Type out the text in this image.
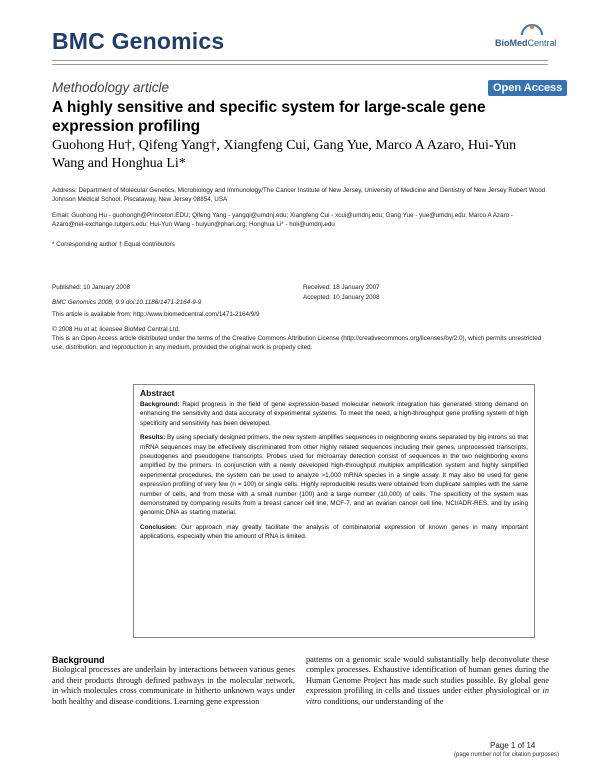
BMC Genomics	BioMedCentral
Methodology article	Open Access
A highly sensitive and specific system for large-scale gene expression profiling
Guohong Hu†, Qifeng Yang†, Xiangfeng Cui, Gang Yue, Marco A Azaro, Hui-Yun Wang and Honghua Li*
Address: Department of Molecular Genetics, Microbiology and Immunology/The Cancer Institute of New Jersey, University of Medicine and Dentistry of New Jersey Robert Wood Johnson Medical School, Piscataway, New Jersey 08854, USA
Email: Guohong Hu - guohongh@Princeton.EDU; Qifeng Yang - yangqi@umdnj.edu; Xiangfeng Cui - xcui@umdnj.edu; Gang Yue - yue@umdnj.edu; Marco A Azaro - Azaro@nel-exchange.rutgers.edu; Hui-Yun Wang - huiyun@phari.org; Honghua Li* - holi@umdnj.edu
* Corresponding author † Equal contributors
Published: 10 January 2008
BMC Genomics 2008, 9:9 doi:10.1186/1471-2164-9-9
Received: 18 January 2007
Accepted: 10 January 2008
This article is available from: http://www.biomedcentral.com/1471-2164/9/9
© 2008 Hu et al; licensee BioMed Central Ltd.
This is an Open Access article distributed under the terms of the Creative Commons Attribution License (http://creativecommons.org/licenses/by/2.0), which permits unrestricted use, distribution, and reproduction in any medium, provided the original work is properly cited.
Abstract

Background: Rapid progress in the field of gene expression-based molecular network integration has generated strong demand on enhancing the sensitivity and data accuracy of experimental systems. To meet the need, a high-throughput gene profiling system of high specificity and sensitivity has been developed.

Results: By using specially designed primers, the new system amplifies sequences in neighboring exons separated by big introns so that mRNA sequences may be effectively discriminated from other highly related sequences including their genes, unprocessed transcripts, pseudogenes and pseudogene transcripts. Probes used for microarray detection consist of sequences in the two neighboring exons amplified by the primers. In conjunction with a newly developed high-throughput multiplex amplification system and highly simplified experimental procedures, the system can be used to analyze >1,000 mRNA species in a single assay. It may also be used for gene expression profiling of very few (n = 100) or single cells. Highly reproducible results were obtained from duplicate samples with the same number of cells, and from those with a small number (100) and a large number (10,000) of cells. The specificity of the system was demonstrated by comparing results from a breast cancer cell line, MCF-7, and an ovarian cancer cell line, NCI/ADR-RES, and by using genomic DNA as starting material.

Conclusion: Our approach may greatly facilitate the analysis of combinatorial expression of known genes in many important applications, especially when the amount of RNA is limited.

Background
Biological processes are underlain by interactions between various genes and their products through defined pathways in the molecular network, in which molecules cross communicate in hitherto unknown ways under both healthy and disease conditions. Learning gene expression
patterns on a genomic scale would substantially help deconvolute these complex processes. Exhaustive identification of human genes during the Human Genome Project has made such studies possible. By global gene expression profiling in cells and tissues under either physiological or in vitro conditions, our understanding of the
Page 1 of 14
(page number not for citation purposes)
